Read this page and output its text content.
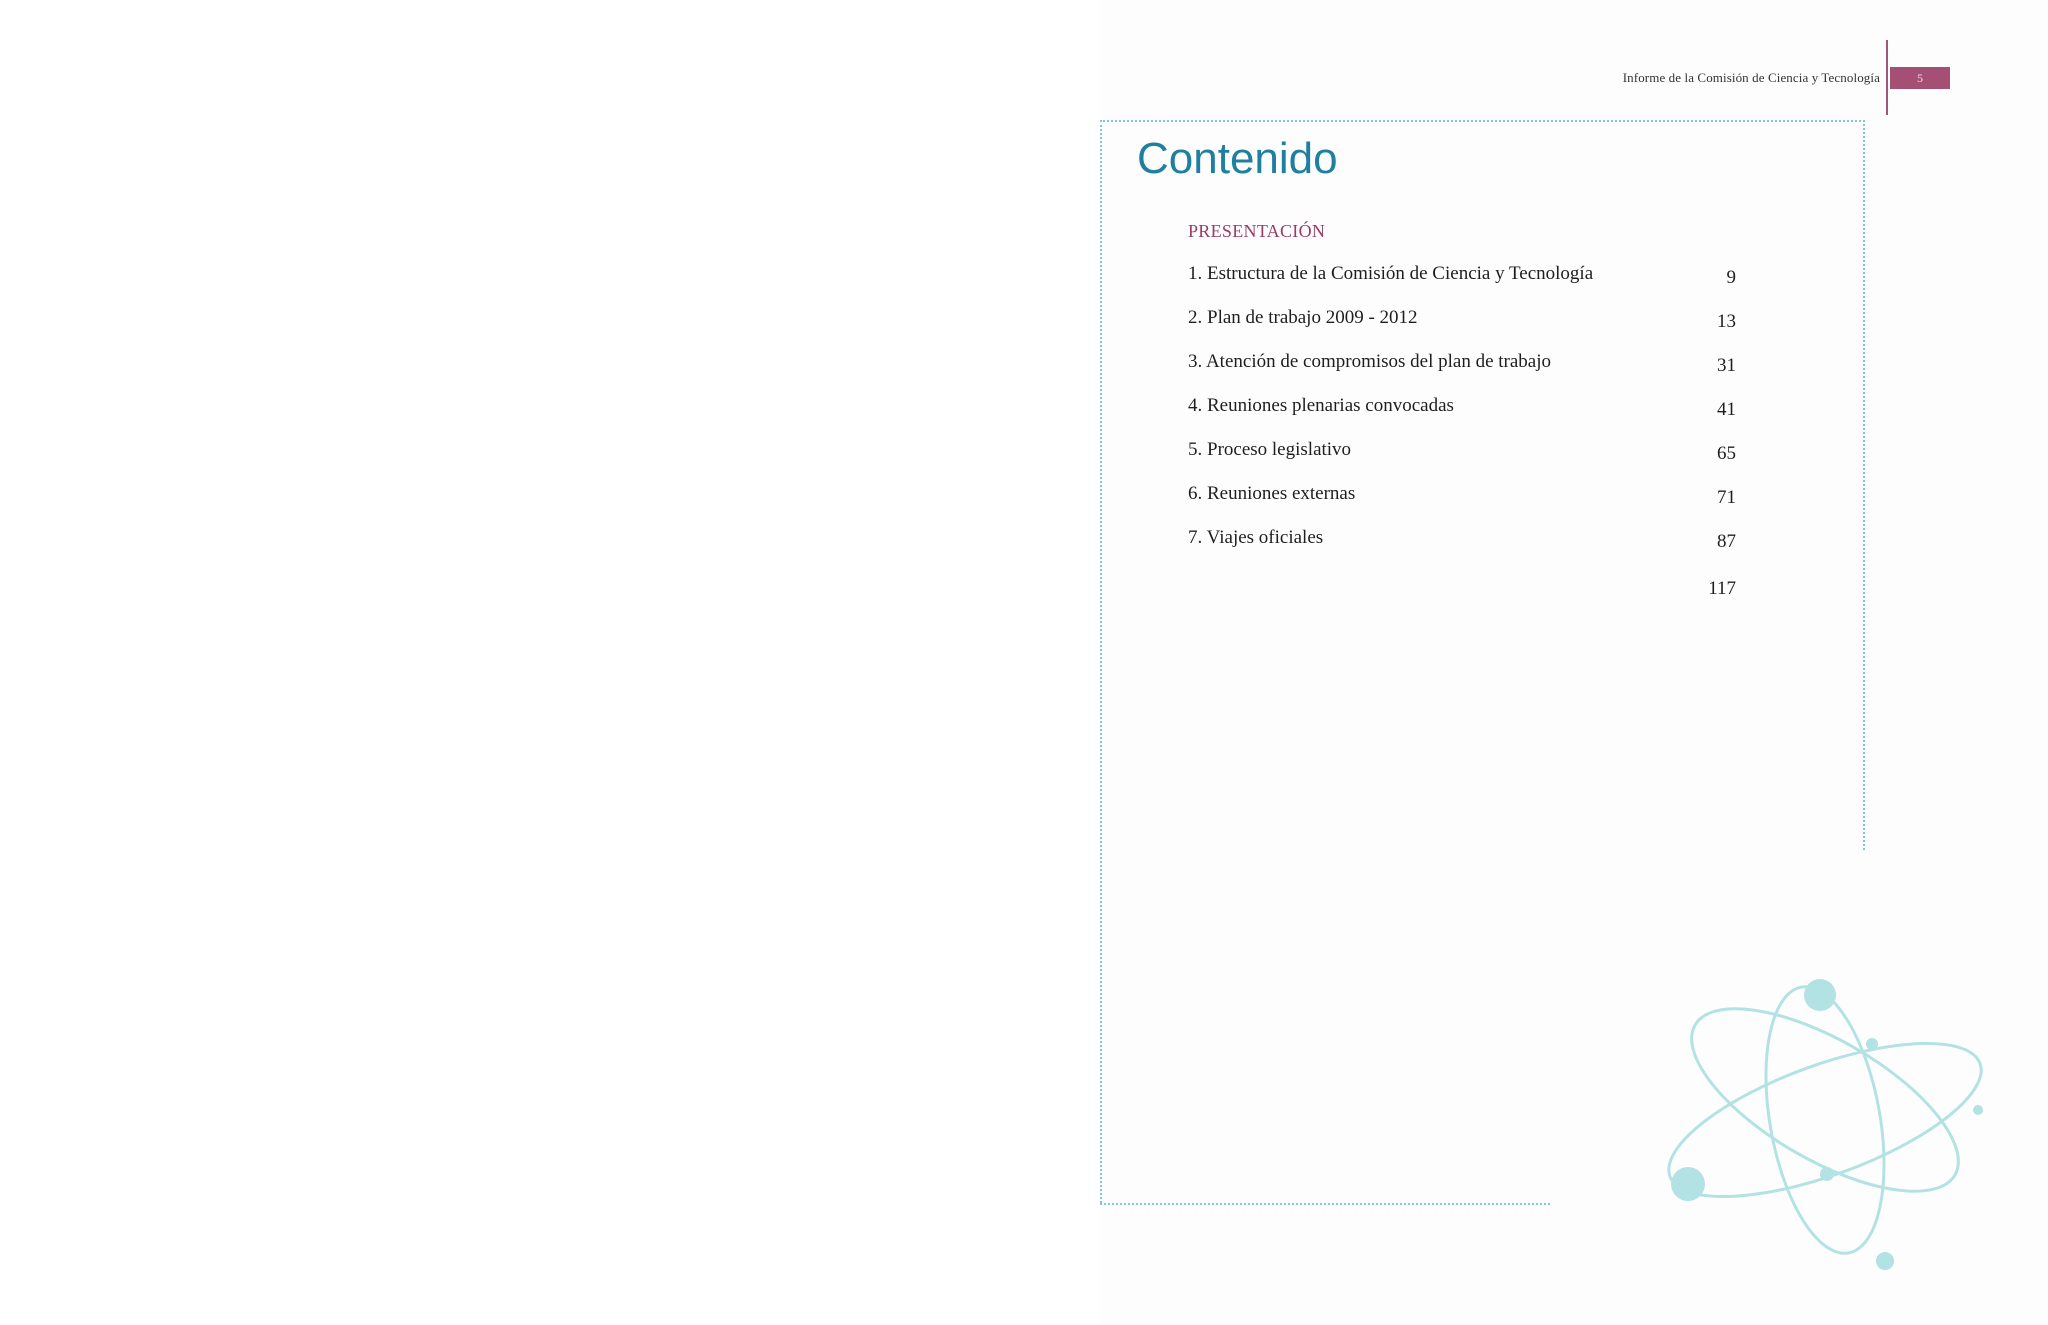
Informe de la Comisión de Ciencia y Tecnología	5
Contenido
PRESENTACIÓN
1. Estructura de la Comisión de Ciencia y Tecnología	9
2. Plan de trabajo 2009 - 2012	13
3. Atención de compromisos del plan de trabajo	31
4. Reuniones plenarias convocadas	41
5. Proceso legislativo	65
6. Reuniones externas	71
7. Viajes oficiales	87
117
